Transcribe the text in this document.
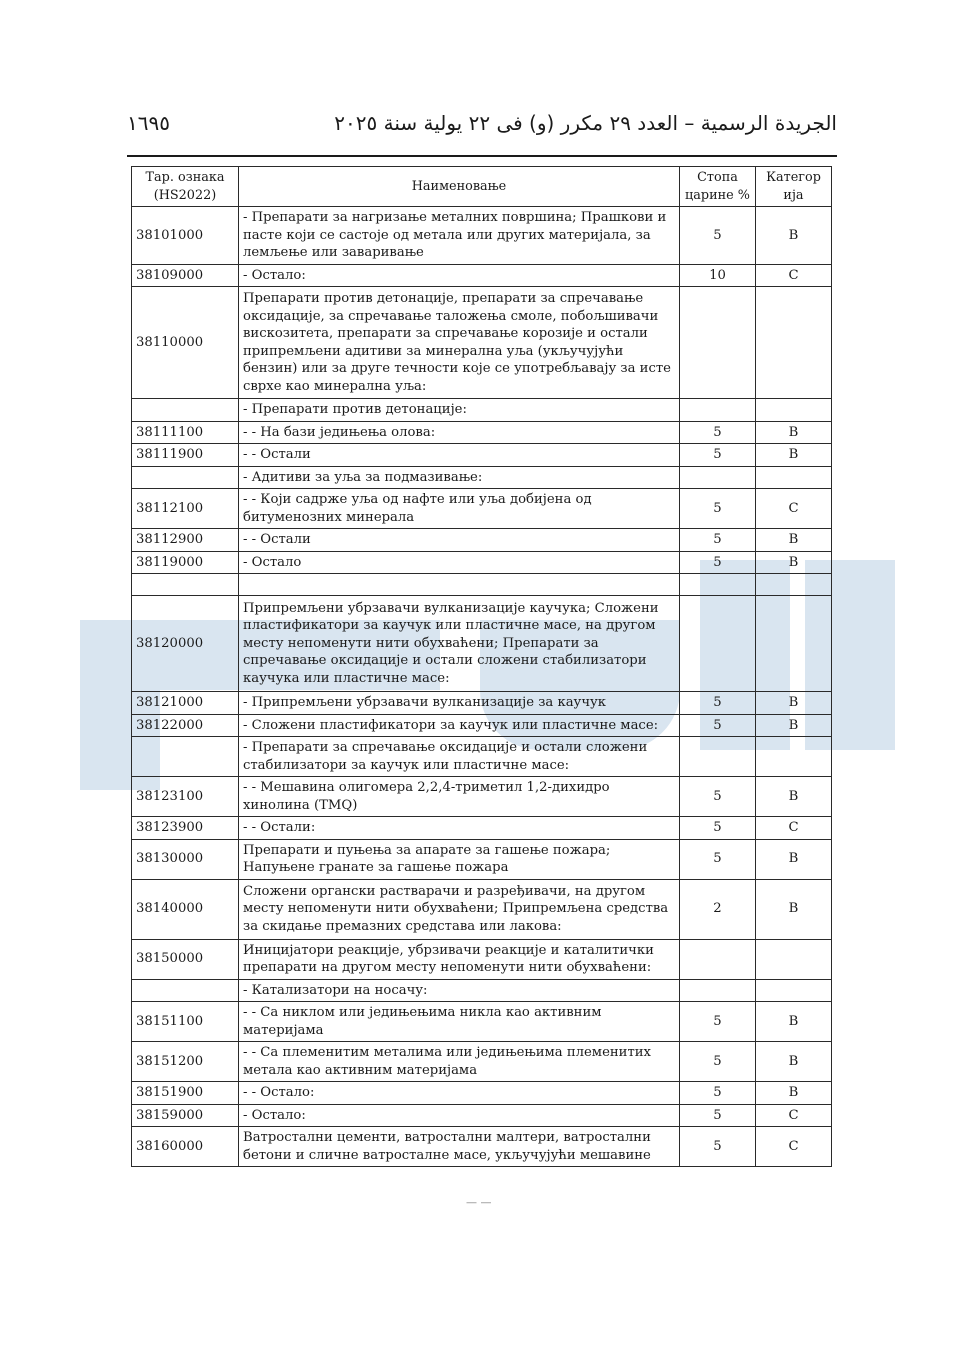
١٦٩٥	الجريدة الرسمية – العدد ٢٩ مكرر (و) فى ٢٢ يولية سنة ٢٠٢٥
Тар. ознака (HS2022)	Наименовање	Стопа царине %	Категор ија
38101000	- Препарати за нагризање металних површина; Прашкови и пасте који се састоје од метала или других материјала, за лемљење или заваривање	5	B
38109000	- Остало:	10	C
38110000	Препарати против детонације, препарати за спречавање оксидације, за спречавање таложења смоле, побољшивачи вискозитета, препарати за спречавање корозије и остали припремљени адитиви за минерална уља (укључујући бензин) или за друге течности које се употребљавају за исте сврхе као минерална уља:		
	- Препарати против детонације:		
38111100	- - На бази једињења олова:	5	B
38111900	- - Остали	5	B
	- Адитиви за уља за подмазивање:		
38112100	- - Који садрже уља од нафте или уља добијена од битуменозних минерала	5	C
38112900	- - Остали	5	B
38119000	- Остало	5	B

38120000	Припремљени убрзавачи вулканизације каучука; Сложени пластификатори за каучук или пластичне масе, на другом месту непоменути нити обухваћени; Препарати за спречавање оксидације и остали сложени стабилизатори каучука или пластичне масе:		
38121000	- Припремљени убрзавачи вулканизације за каучук	5	B
38122000	- Сложени пластификатори за каучук или пластичне масе:	5	B
	- Препарати за спречавање оксидације и остали сложени стабилизатори за каучук или пластичне масе:		
38123100	- - Мешавина олигомера 2,2,4-триметил 1,2-дихидро хинолина (TMQ)	5	B
38123900	- - Остали:	5	C
38130000	Препарати и пуњења за апарате за гашење пожара; Напуњене гранате за гашење пожара	5	B
38140000	Сложени органски растварачи и разређивачи, на другом месту непоменути нити обухваћени; Припремљена средства за скидање премазних средстава или лакова:	2	B
38150000	Иницијатори реакције, убрзивачи реакције и каталитички препарати на другом месту непоменути нити обухваћени:		
	- Катализатори на носачу:		
38151100	- - Са никлом или једињењима никла као активним материјама	5	B
38151200	- - Са племенитим металима или једињењима племенитих метала као активним материјама	5	B
38151900	- - Остало:	5	B
38159000	- Остало:	5	C
38160000	Ватростални цементи, ватростални малтери, ватростални бетони и сличне ватросталне масе, укључујући мешавине	5	C
— —
